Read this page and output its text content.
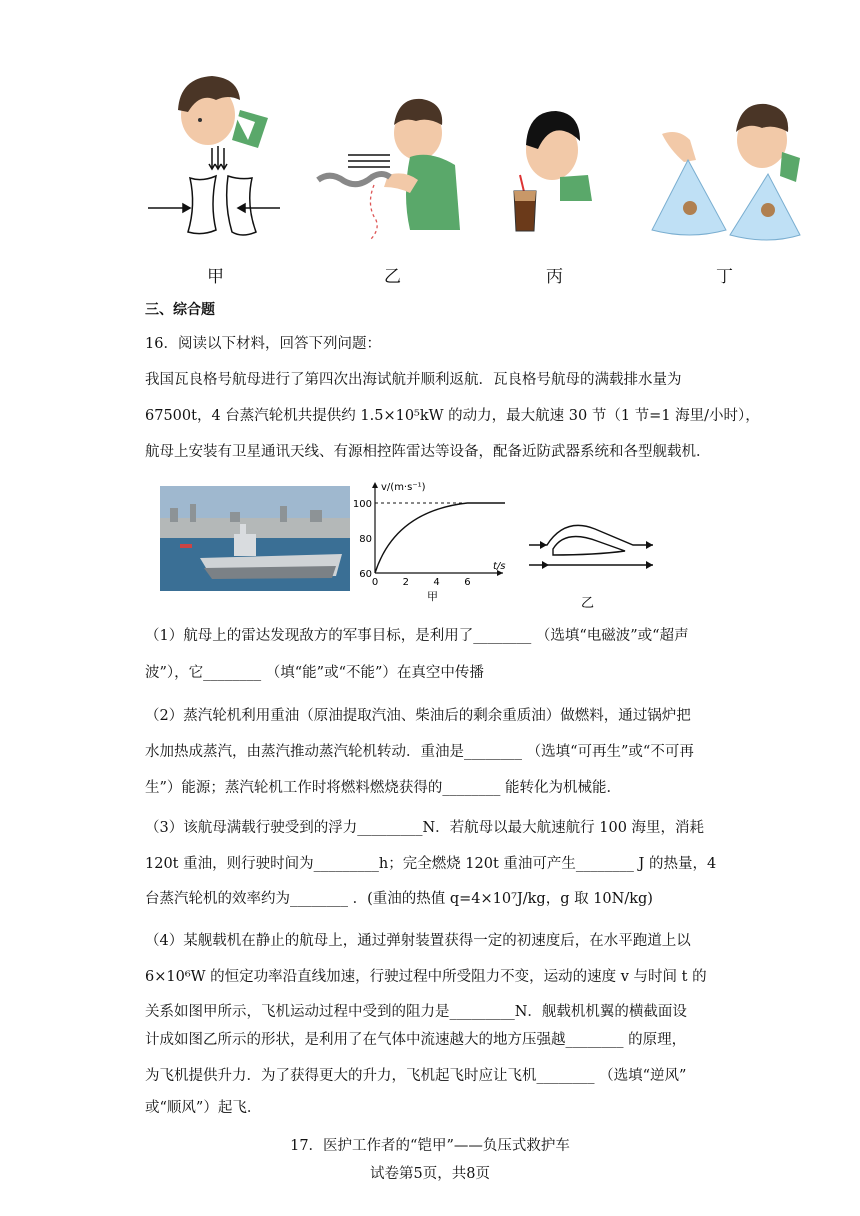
甲	乙	丙	丁
三、综合题
16．阅读以下材料，回答下列问题：
我国瓦良格号航母进行了第四次出海试航并顺利返航．瓦良格号航母的满载排水量为
67500t，4 台蒸汽轮机共提供约 1.5×10⁵kW 的动力，最大航速 30 节（1 节=1 海里/小时），
航母上安装有卫星通讯天线、有源相控阵雷达等设备，配备近防武器系统和各型舰载机．
v/(m·s⁻¹)
t/s
100
80
60
0 2 4 6
甲	乙
（1）航母上的雷达发现敌方的军事目标，是利用了________ （选填“电磁波”或“超声
波”），它________ （填“能”或“不能”）在真空中传播
（2）蒸汽轮机利用重油（原油提取汽油、柴油后的剩余重质油）做燃料，通过锅炉把
水加热成蒸汽，由蒸汽推动蒸汽轮机转动．重油是________ （选填“可再生”或“不可再
生”）能源；蒸汽轮机工作时将燃料燃烧获得的________ 能转化为机械能．
（3）该航母满载行驶受到的浮力_________N．若航母以最大航速航行 100 海里，消耗
120t 重油，则行驶时间为_________h；完全燃烧 120t 重油可产生________ J 的热量，4
台蒸汽轮机的效率约为________ ．(重油的热值 q=4×10⁷J/kg，g 取 10N/kg)
（4）某舰载机在静止的航母上，通过弹射装置获得一定的初速度后，在水平跑道上以
6×10⁶W 的恒定功率沿直线加速，行驶过程中所受阻力不变，运动的速度 v 与时间 t 的
关系如图甲所示，飞机运动过程中受到的阻力是_________N．舰载机机翼的横截面设
计成如图乙所示的形状，是利用了在气体中流速越大的地方压强越________ 的原理，
为飞机提供升力．为了获得更大的升力，飞机起飞时应让飞机________ （选填“逆风”
或“顺风”）起飞．
17．医护工作者的“铠甲”——负压式救护车
试卷第5页，共8页
